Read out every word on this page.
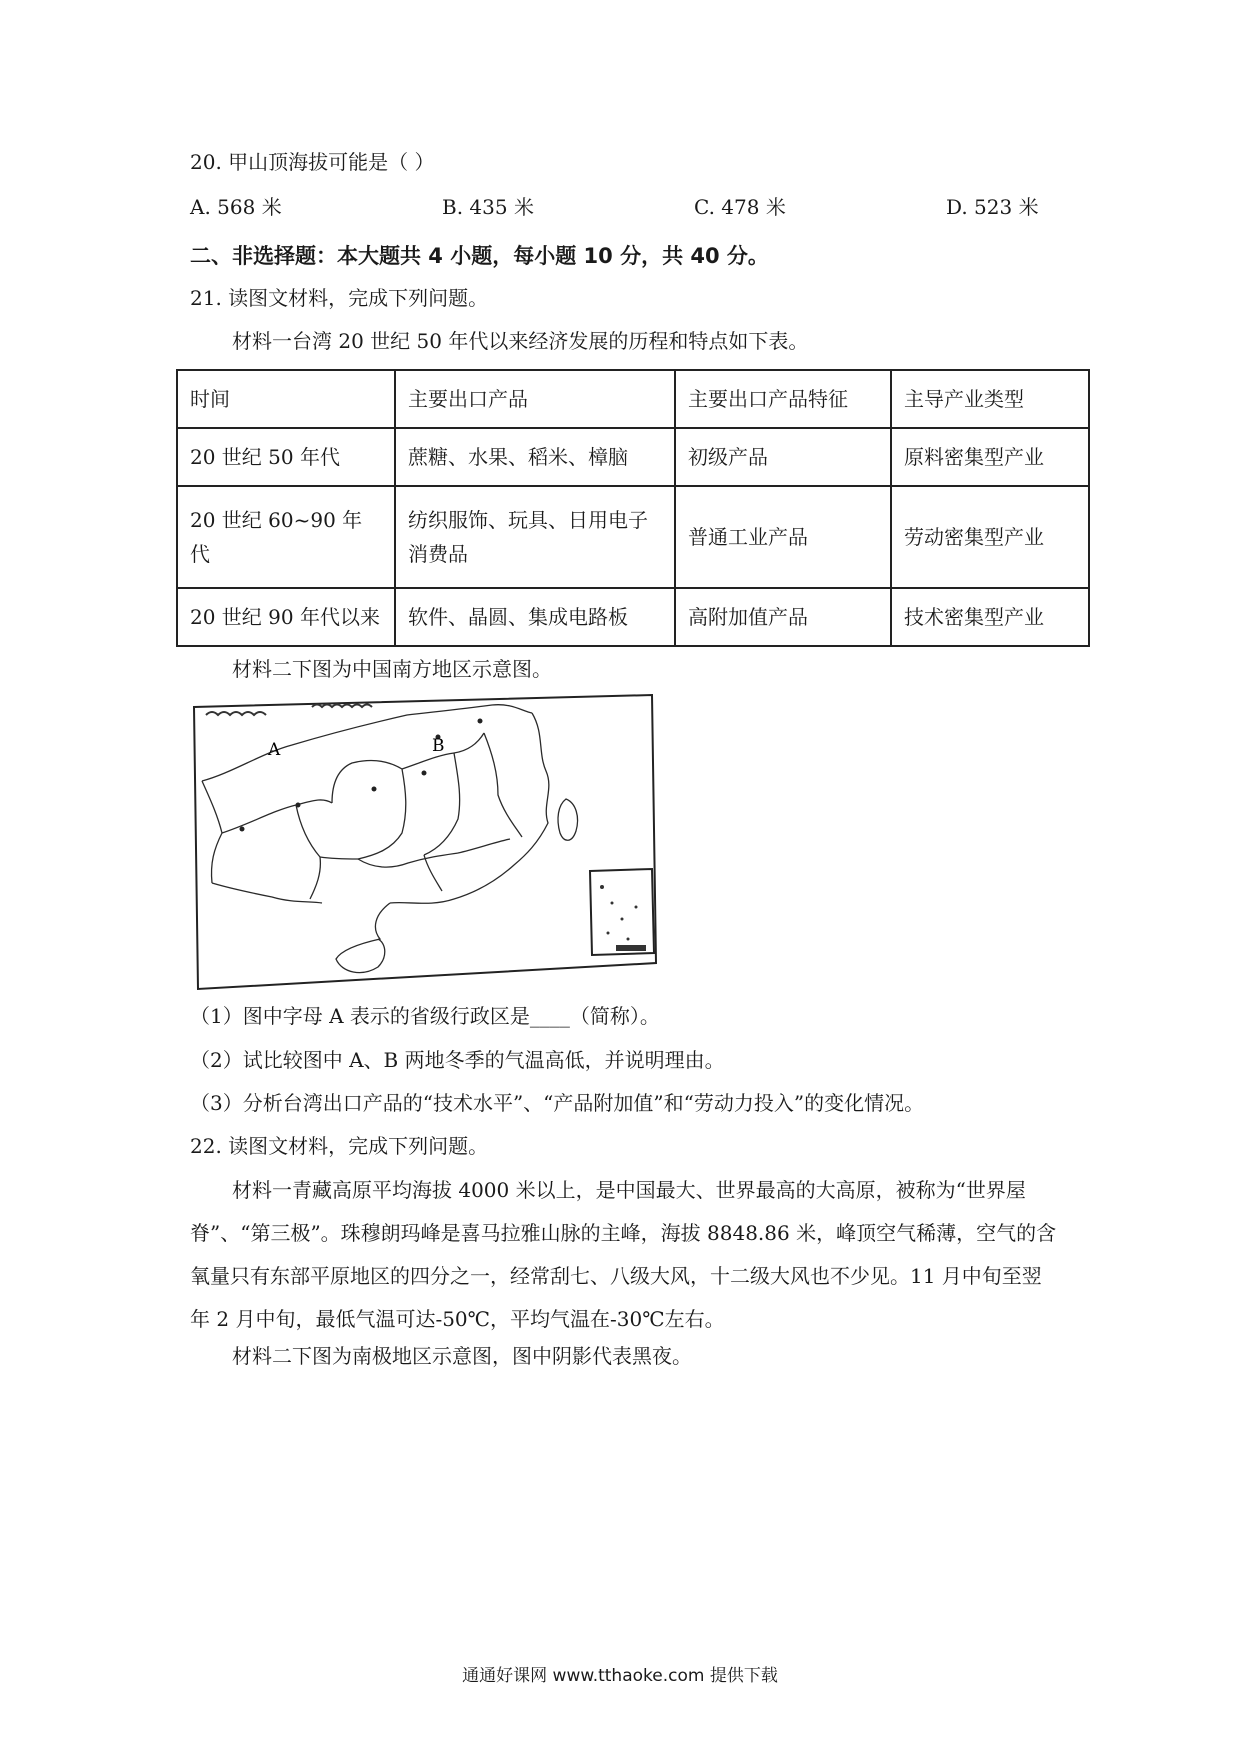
20. 甲山顶海拔可能是（ ）
A. 568 米	B. 435 米	C. 478 米	D. 523 米
二、非选择题：本大题共 4 小题，每小题 10 分，共 40 分。
21. 读图文材料，完成下列问题。
材料一台湾 20 世纪 50 年代以来经济发展的历程和特点如下表。
时间	主要出口产品	主要出口产品特征	主导产业类型
20 世纪 50 年代	蔗糖、水果、稻米、樟脑	初级产品	原料密集型产业
20 世纪 60~90 年代	纺织服饰、玩具、日用电子消费品	普通工业产品	劳动密集型产业
20 世纪 90 年代以来	软件、晶圆、集成电路板	高附加值产品	技术密集型产业
材料二下图为中国南方地区示意图。
A	B
（1）图中字母 A 表示的省级行政区是____（简称）。
（2）试比较图中 A、B 两地冬季的气温高低，并说明理由。
（3）分析台湾出口产品的“技术水平”、“产品附加值”和“劳动力投入”的变化情况。
22. 读图文材料，完成下列问题。
材料一青藏高原平均海拔 4000 米以上，是中国最大、世界最高的大高原，被称为“世界屋脊”、“第三极”。珠穆朗玛峰是喜马拉雅山脉的主峰，海拔 8848.86 米，峰顶空气稀薄，空气的含氧量只有东部平原地区的四分之一，经常刮七、八级大风，十二级大风也不少见。11 月中旬至翌年 2 月中旬，最低气温可达-50℃，平均气温在-30℃左右。
材料二下图为南极地区示意图，图中阴影代表黑夜。
通通好课网 www.tthaoke.com 提供下载
